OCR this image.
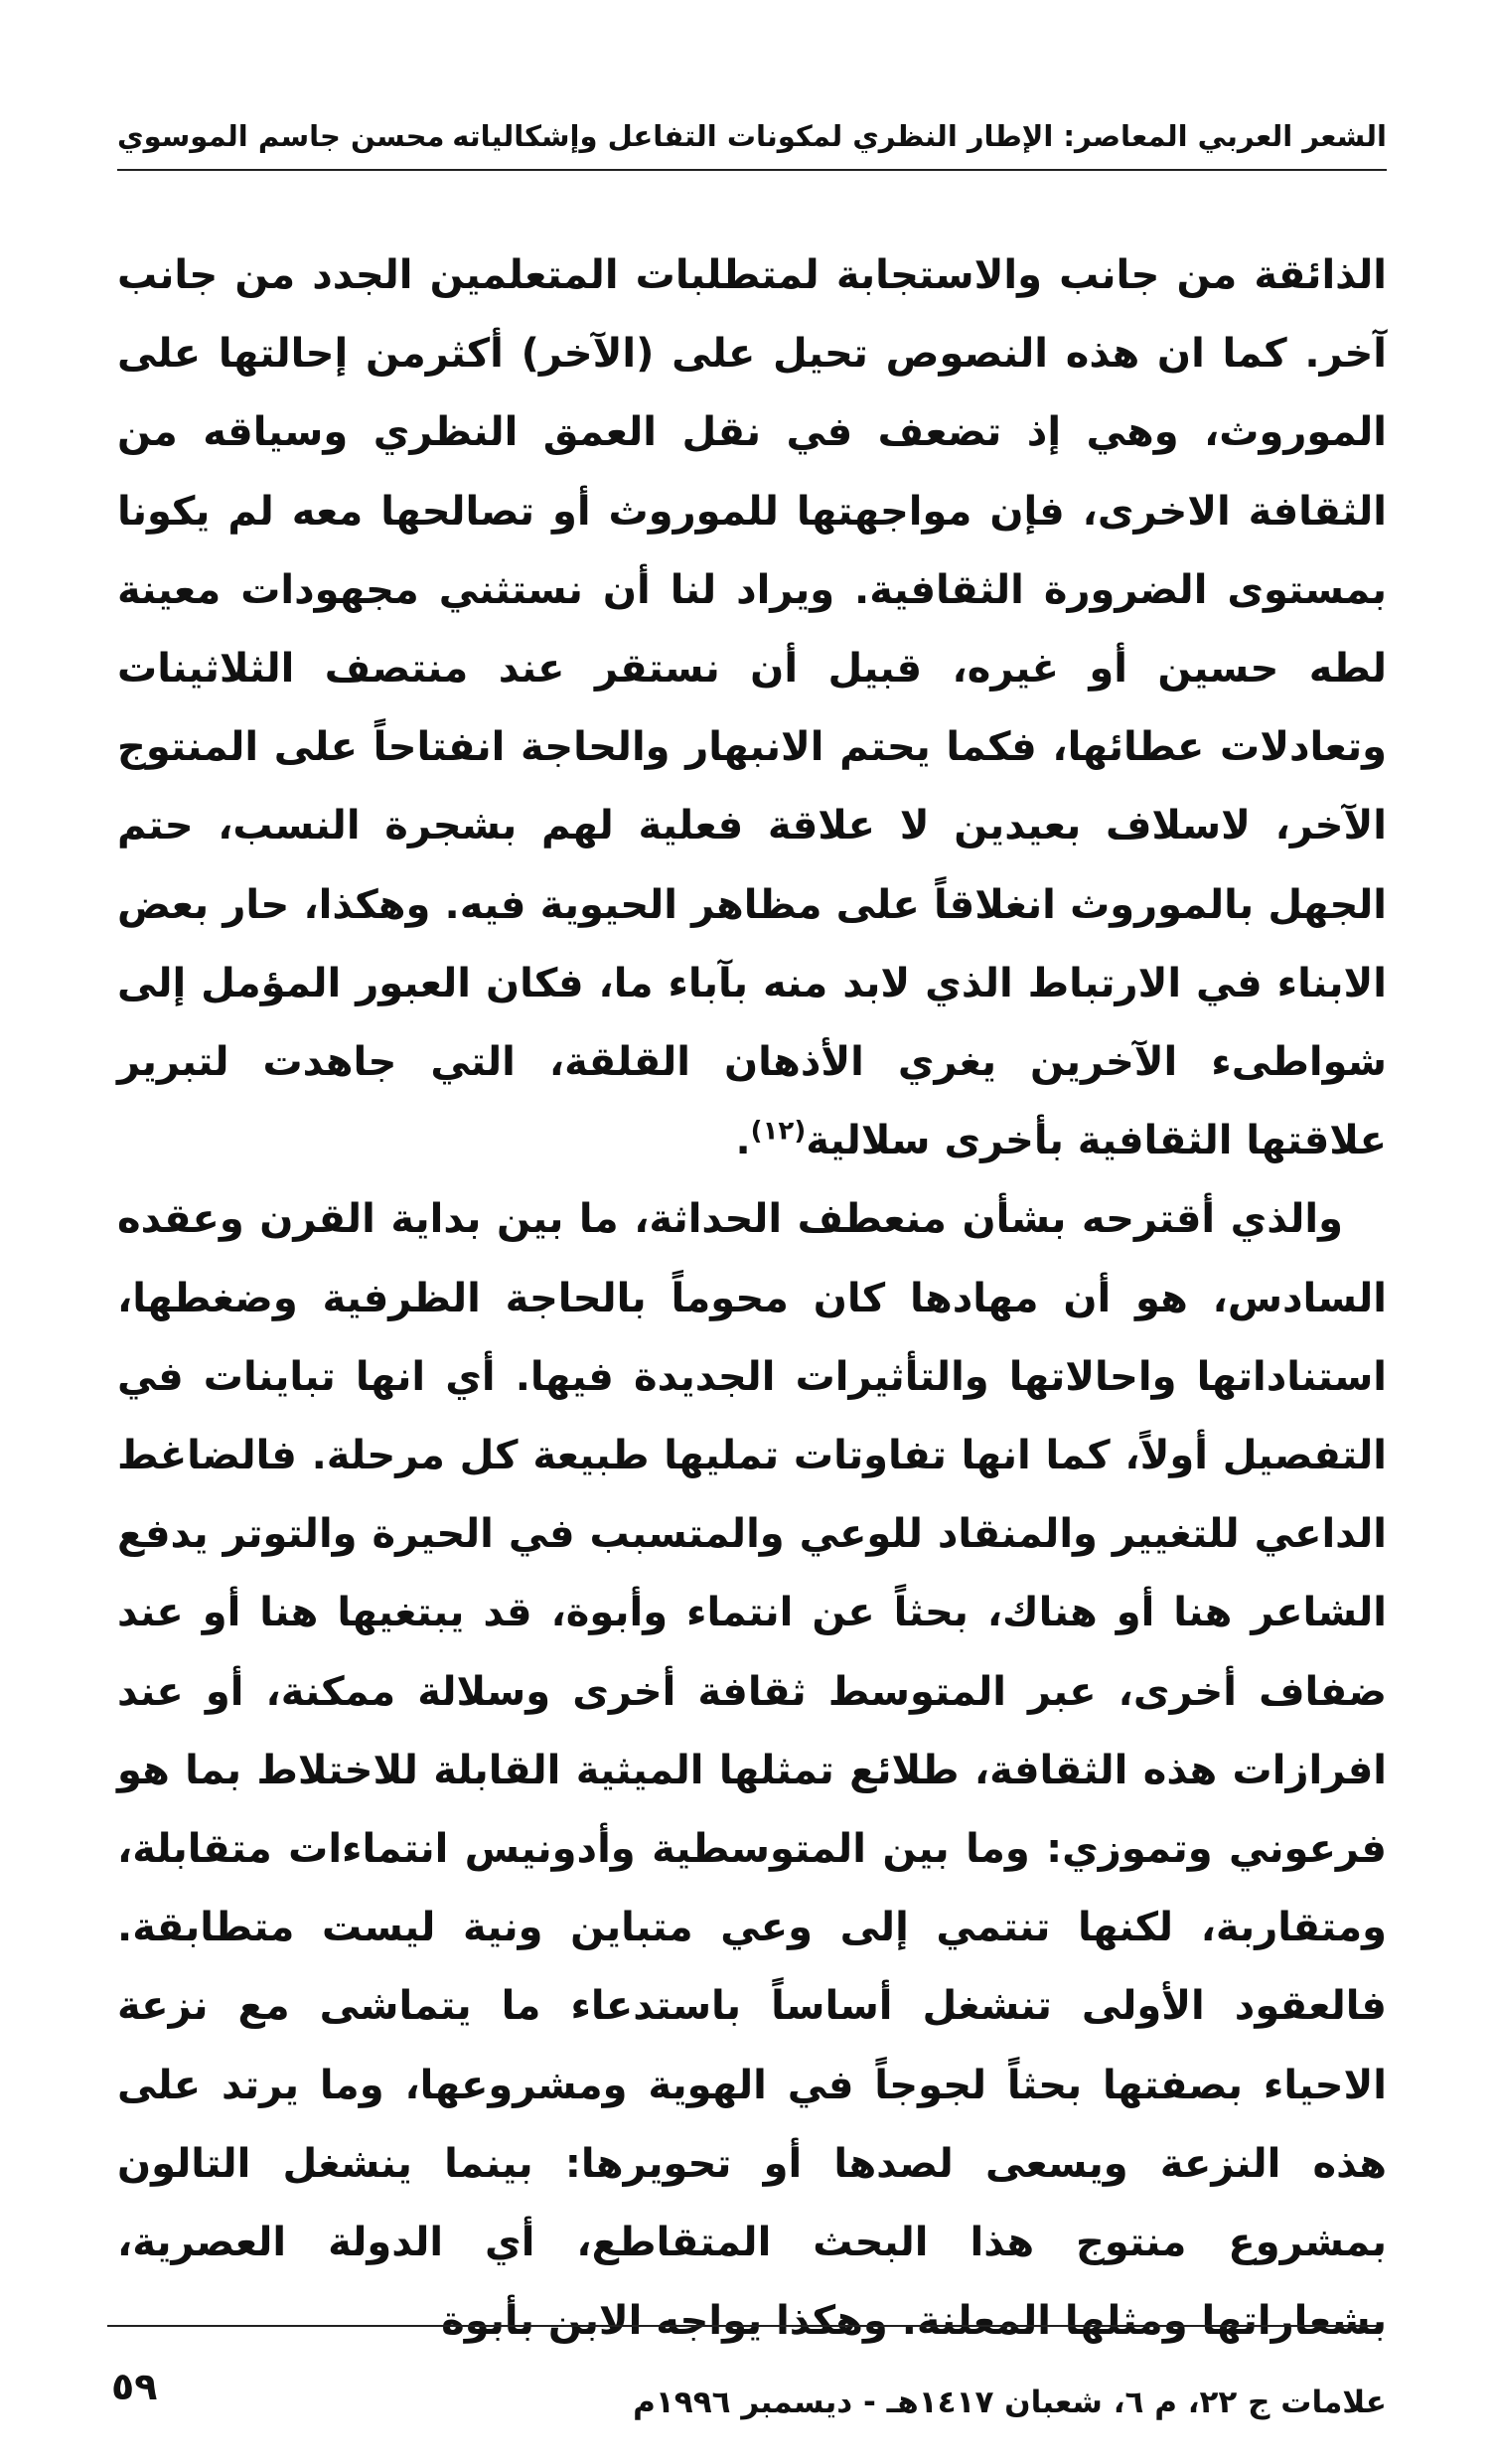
الشعر العربي المعاصر: الإطار النظري لمكونات التفاعل وإشكالياته
محسن جاسم الموسوي

الذائقة من جانب والاستجابة لمتطلبات المتعلمين الجدد من جانب آخر. كما ان هذه النصوص تحيل على (الآخر) أكثرمن إحالتها على الموروث، وهي إذ تضعف في نقل العمق النظري وسياقه من الثقافة الاخرى، فإن مواجهتها للموروث أو تصالحها معه لم يكونا بمستوى الضرورة الثقافية. ويراد لنا أن نستثني مجهودات معينة لطه حسين أو غيره، قبيل أن نستقر عند منتصف الثلاثينات وتعادلات عطائها، فكما يحتم الانبهار والحاجة انفتاحاً على المنتوج الآخر، لاسلاف بعيدين لا علاقة فعلية لهم بشجرة النسب، حتم الجهل بالموروث انغلاقاً على مظاهر الحيوية فيه. وهكذا، حار بعض الابناء في الارتباط الذي لابد منه بآباء ما، فكان العبور المؤمل إلى شواطىء الآخرين يغري الأذهان القلقة، التي جاهدت لتبرير علاقتها الثقافية بأخرى سلالية$^{(١٢)}$.

والذي أقترحه بشأن منعطف الحداثة، ما بين بداية القرن وعقده السادس، هو أن مهادها كان محوماً بالحاجة الظرفية وضغطها، استناداتها واحالاتها والتأثيرات الجديدة فيها. أي انها تباينات في التفصيل أولاً، كما انها تفاوتات تمليها طبيعة كل مرحلة. فالضاغط الداعي للتغيير والمنقاد للوعي والمتسبب في الحيرة والتوتر يدفع الشاعر هنا أو هناك، بحثاً عن انتماء وأبوة، قد يبتغيها هنا أو عند ضفاف أخرى، عبر المتوسط ثقافة أخرى وسلالة ممكنة، أو عند افرازات هذه الثقافة، طلائع تمثلها الميثية القابلة للاختلاط بما هو فرعوني وتموزي: وما بين المتوسطية وأدونيس انتماءات متقابلة، ومتقاربة، لكنها تنتمي إلى وعي متباين ونية ليست متطابقة. فالعقود الأولى تنشغل أساساً باستدعاء ما يتماشى مع نزعة الاحياء بصفتها بحثاً لجوجاً في الهوية ومشروعها، وما يرتد على هذه النزعة ويسعى لصدها أو تحويرها: بينما ينشغل التالون بمشروع منتوج هذا البحث المتقاطع، أي الدولة العصرية، بشعاراتها ومثلها المعلنة. وهكذا يواجه الابن بأبوة

٥٩	علامات ج ٢٢، م ٦، شعبان ١٤١٧هـ - ديسمبر ١٩٩٦م
